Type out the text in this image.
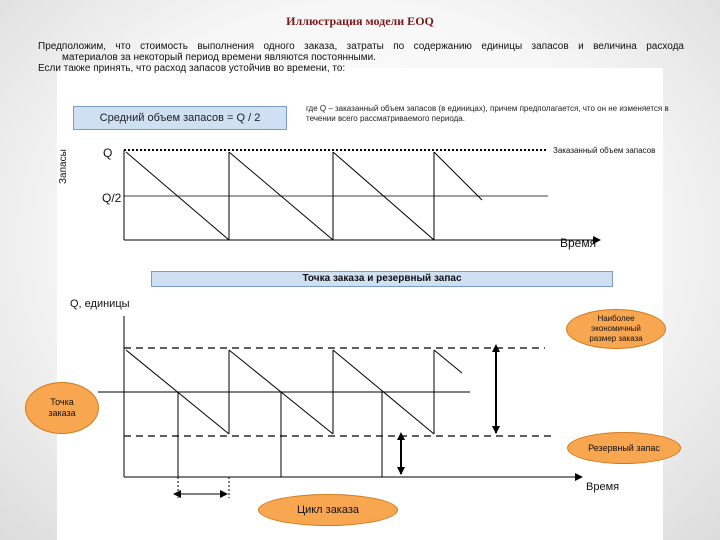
Иллюстрация модели EOQ
Предположим, что стоимость выполнения одного заказа, затраты по содержанию единицы запасов и величина расхода
материалов за некоторый период времени являются постоянными.
Если также принять, что расход запасов устойчив во времени, то:
Средний объем запасов = Q / 2
где Q – заказанный объем запасов (в единицах), причем предполагается, что он не изменяется в течении всего рассматриваемого периода.
Запасы	Q
Q/2
Заказанный объем запасов
Время
Точка заказа и резервный запас
Q, единицы
Время
Наиболее экономичный размер заказа
Точка заказа
Резервный запас
Цикл заказа
